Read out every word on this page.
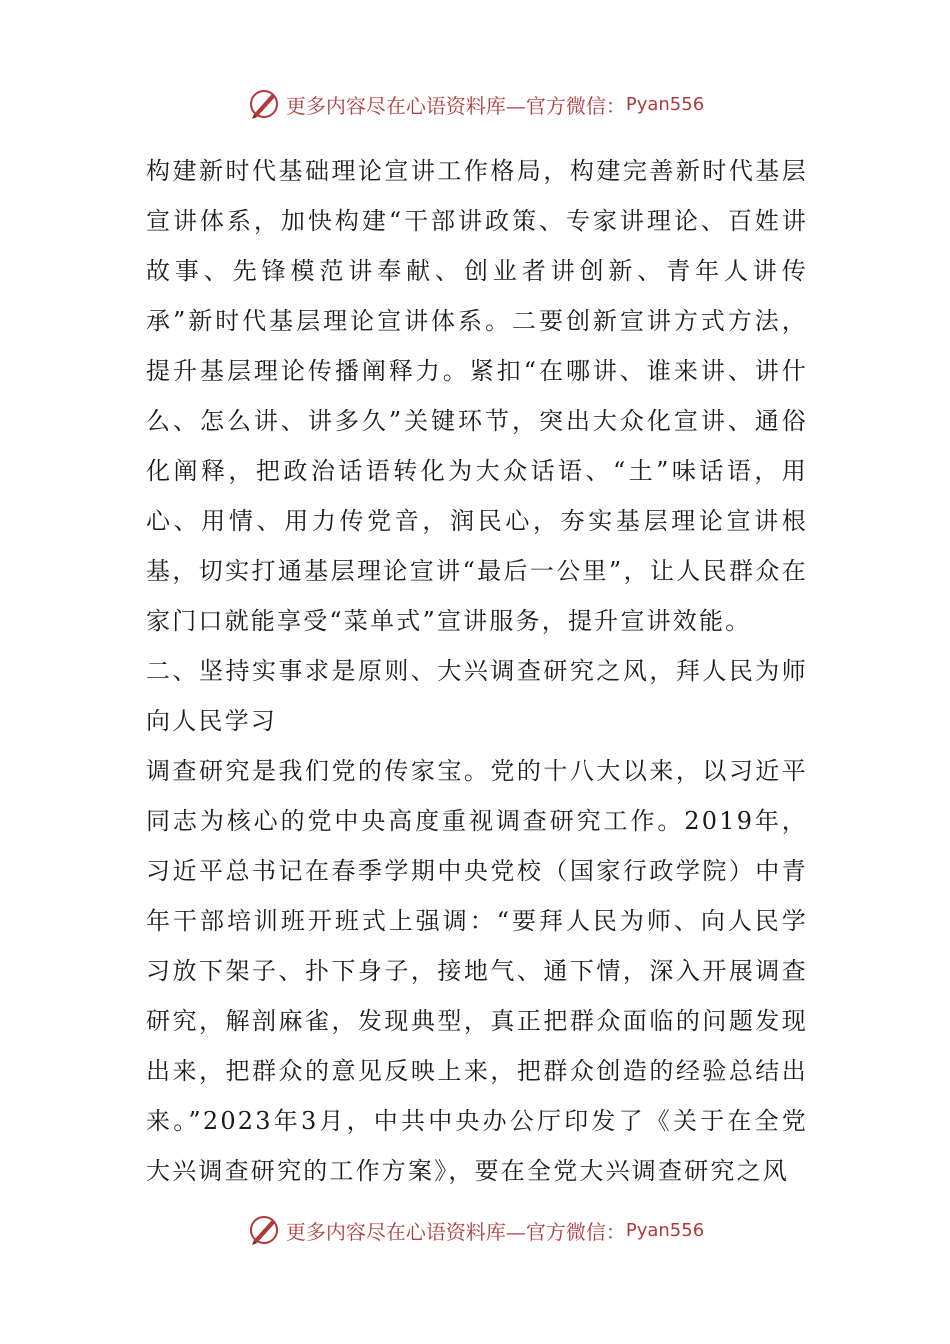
更多内容尽在心语资料库—官方微信： Pyan556

构建新时代基础理论宣讲工作格局，构建完善新时代基层宣讲体系，加快构建“干部讲政策、专家讲理论、百姓讲故事、先锋模范讲奉献、创业者讲创新、青年人讲传承”新时代基层理论宣讲体系。二要创新宣讲方式方法，提升基层理论传播阐释力。紧扣“在哪讲、谁来讲、讲什么、怎么讲、讲多久”关键环节，突出大众化宣讲、通俗化阐释，把政治话语转化为大众话语、“土”味话语，用心、用情、用力传党音，润民心，夯实基层理论宣讲根基，切实打通基层理论宣讲“最后一公里”，让人民群众在家门口就能享受“菜单式”宣讲服务，提升宣讲效能。

二、坚持实事求是原则、大兴调查研究之风，拜人民为师向人民学习

调查研究是我们党的传家宝。党的十八大以来，以习近平同志为核心的党中央高度重视调查研究工作。2019年，习近平总书记在春季学期中央党校（国家行政学院）中青年干部培训班开班式上强调：“要拜人民为师、向人民学习放下架子、扑下身子，接地气、通下情，深入开展调查研究，解剖麻雀，发现典型，真正把群众面临的问题发现出来，把群众的意见反映上来，把群众创造的经验总结出来。”2023年3月，中共中央办公厅印发了《关于在全党大兴调查研究的工作方案》，要在全党大兴调查研究之风

更多内容尽在心语资料库—官方微信： Pyan556
